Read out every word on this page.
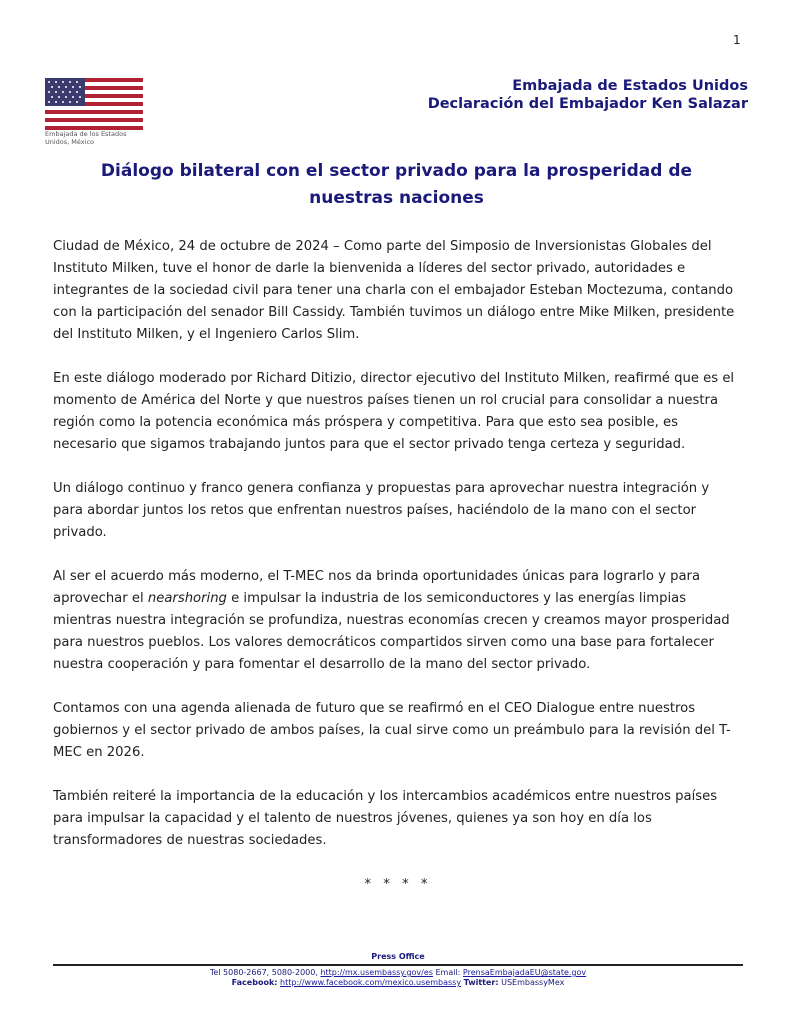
1
Embajada de los Estados
Unidos, México
Embajada de Estados Unidos
Declaración del Embajador Ken Salazar
Diálogo bilateral con el sector privado para la prosperidad de
nuestras naciones

Ciudad de México, 24 de octubre de 2024 – Como parte del Simposio de Inversionistas Globales del Instituto Milken, tuve el honor de darle la bienvenida a líderes del sector privado, autoridades e integrantes de la sociedad civil para tener una charla con el embajador Esteban Moctezuma, contando con la participación del senador Bill Cassidy. También tuvimos un diálogo entre Mike Milken, presidente del Instituto Milken, y el Ingeniero Carlos Slim.

En este diálogo moderado por Richard Ditizio, director ejecutivo del Instituto Milken, reafirmé que es el momento de América del Norte y que nuestros países tienen un rol crucial para consolidar a nuestra región como la potencia económica más próspera y competitiva. Para que esto sea posible, es necesario que sigamos trabajando juntos para que el sector privado tenga certeza y seguridad.

Un diálogo continuo y franco genera confianza y propuestas para aprovechar nuestra integración y para abordar juntos los retos que enfrentan nuestros países, haciéndolo de la mano con el sector privado.

Al ser el acuerdo más moderno, el T-MEC nos da brinda oportunidades únicas para lograrlo y para aprovechar el nearshoring e impulsar la industria de los semiconductores y las energías limpias mientras nuestra integración se profundiza, nuestras economías crecen y creamos mayor prosperidad para nuestros pueblos. Los valores democráticos compartidos sirven como una base para fortalecer nuestra cooperación y para fomentar el desarrollo de la mano del sector privado.

Contamos con una agenda alienada de futuro que se reafirmó en el CEO Dialogue entre nuestros gobiernos y el sector privado de ambos países, la cual sirve como un preámbulo para la revisión del T-MEC en 2026.

También reiteré la importancia de la educación y los intercambios académicos entre nuestros países para impulsar la capacidad y el talento de nuestros jóvenes, quienes ya son hoy en día los transformadores de nuestras sociedades.

* * * *
Press Office
Tel 5080-2667, 5080-2000, http://mx.usembassy.gov/es Email: PrensaEmbajadaEU@state.gov
Facebook: http://www.facebook.com/mexico.usembassy Twitter: USEmbassyMex
